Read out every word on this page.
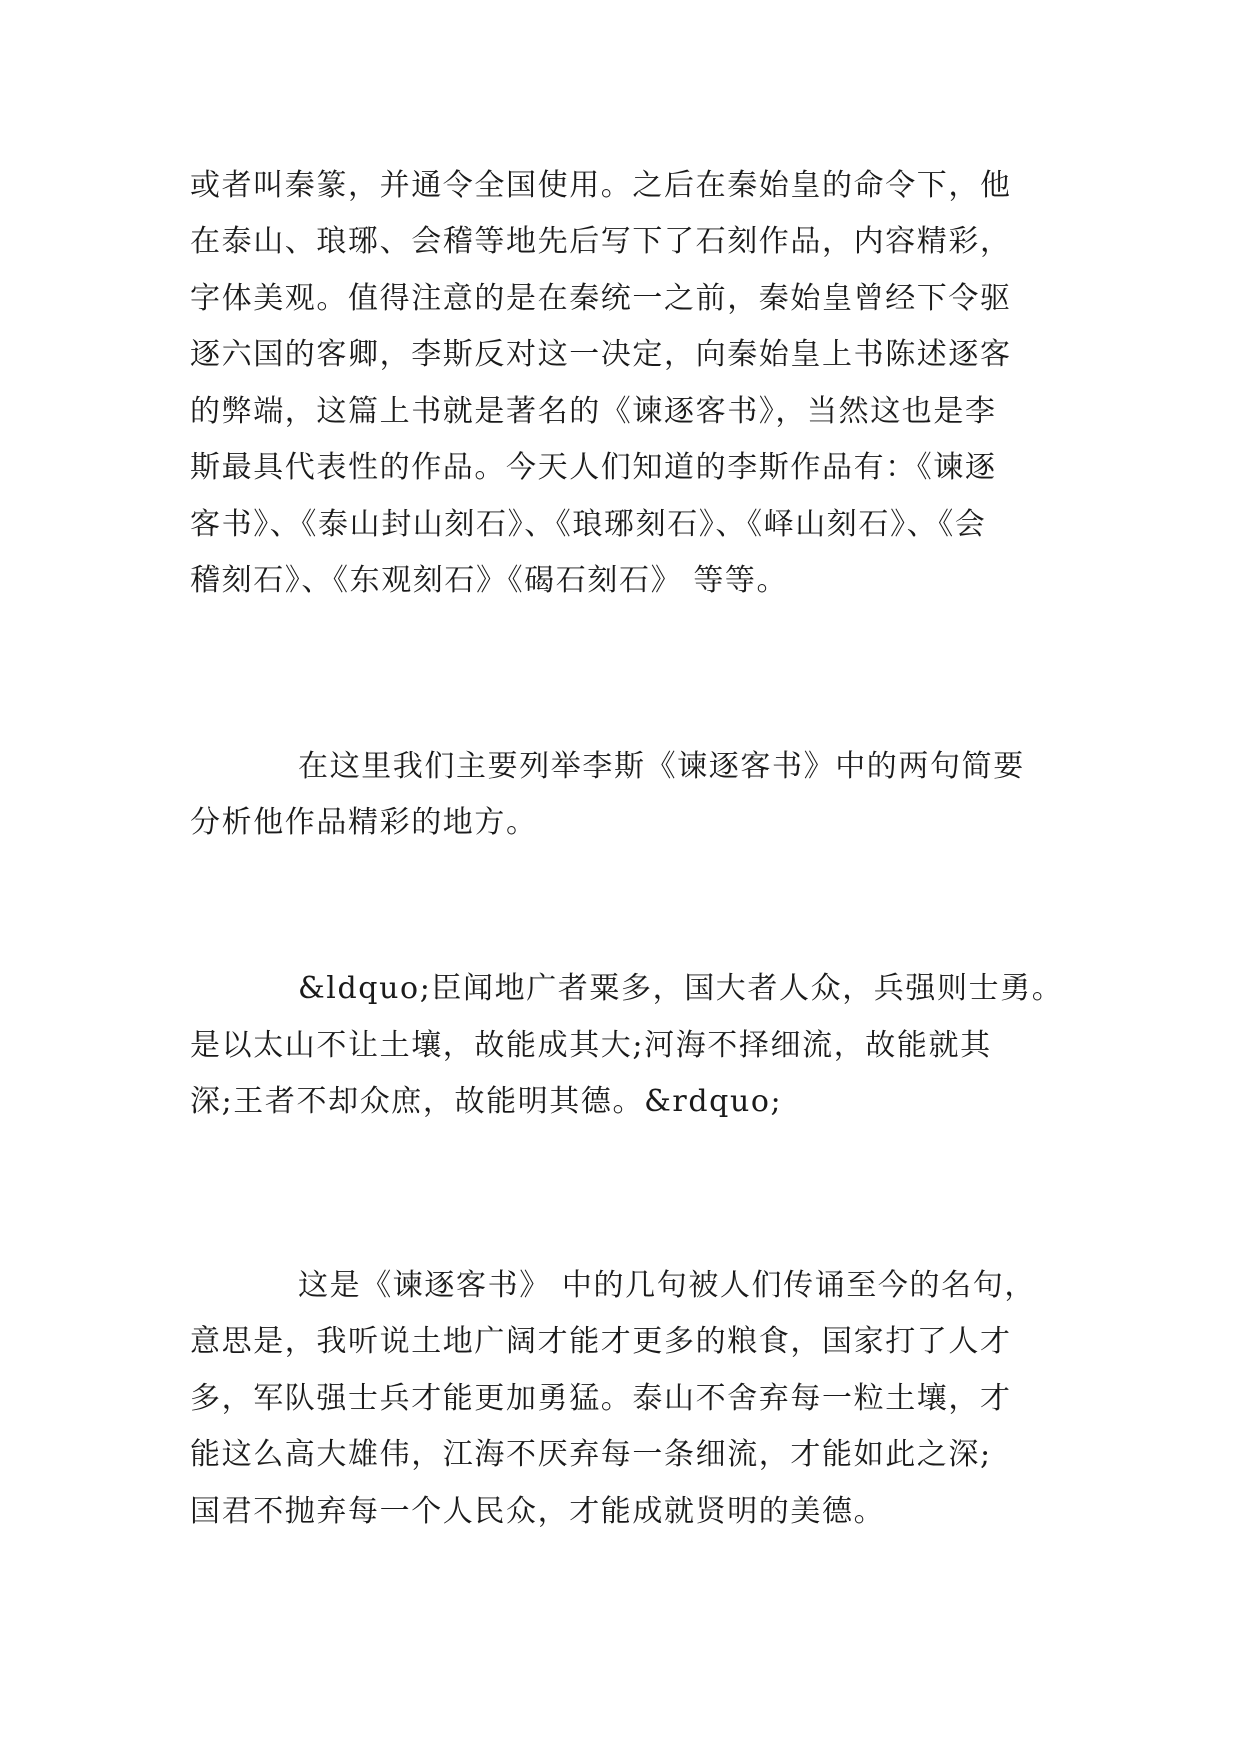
或者叫秦篆，并通令全国使用。之后在秦始皇的命令下，他

在泰山、琅琊、会稽等地先后写下了石刻作品，内容精彩，

字体美观。值得注意的是在秦统一之前，秦始皇曾经下令驱

逐六国的客卿，李斯反对这一决定，向秦始皇上书陈述逐客

的弊端，这篇上书就是著名的《谏逐客书》，当然这也是李

斯最具代表性的作品。今天人们知道的李斯作品有：《谏逐

客书》、《泰山封山刻石》、《琅琊刻石》、《峄山刻石》、《会

稽刻石》、《东观刻石》《碣石刻石》 等等。

在这里我们主要列举李斯《谏逐客书》中的两句简要

分析他作品精彩的地方。

&ldquo;臣闻地广者粟多，国大者人众，兵强则士勇。

是以太山不让土壤，故能成其大;河海不择细流，故能就其

深;王者不却众庶，故能明其德。&rdquo;

这是《谏逐客书》 中的几句被人们传诵至今的名句，

意思是，我听说土地广阔才能才更多的粮食，国家打了人才

多，军队强士兵才能更加勇猛。泰山不舍弃每一粒土壤，才

能这么高大雄伟，江海不厌弃每一条细流，才能如此之深;

国君不抛弃每一个人民众，才能成就贤明的美德。
